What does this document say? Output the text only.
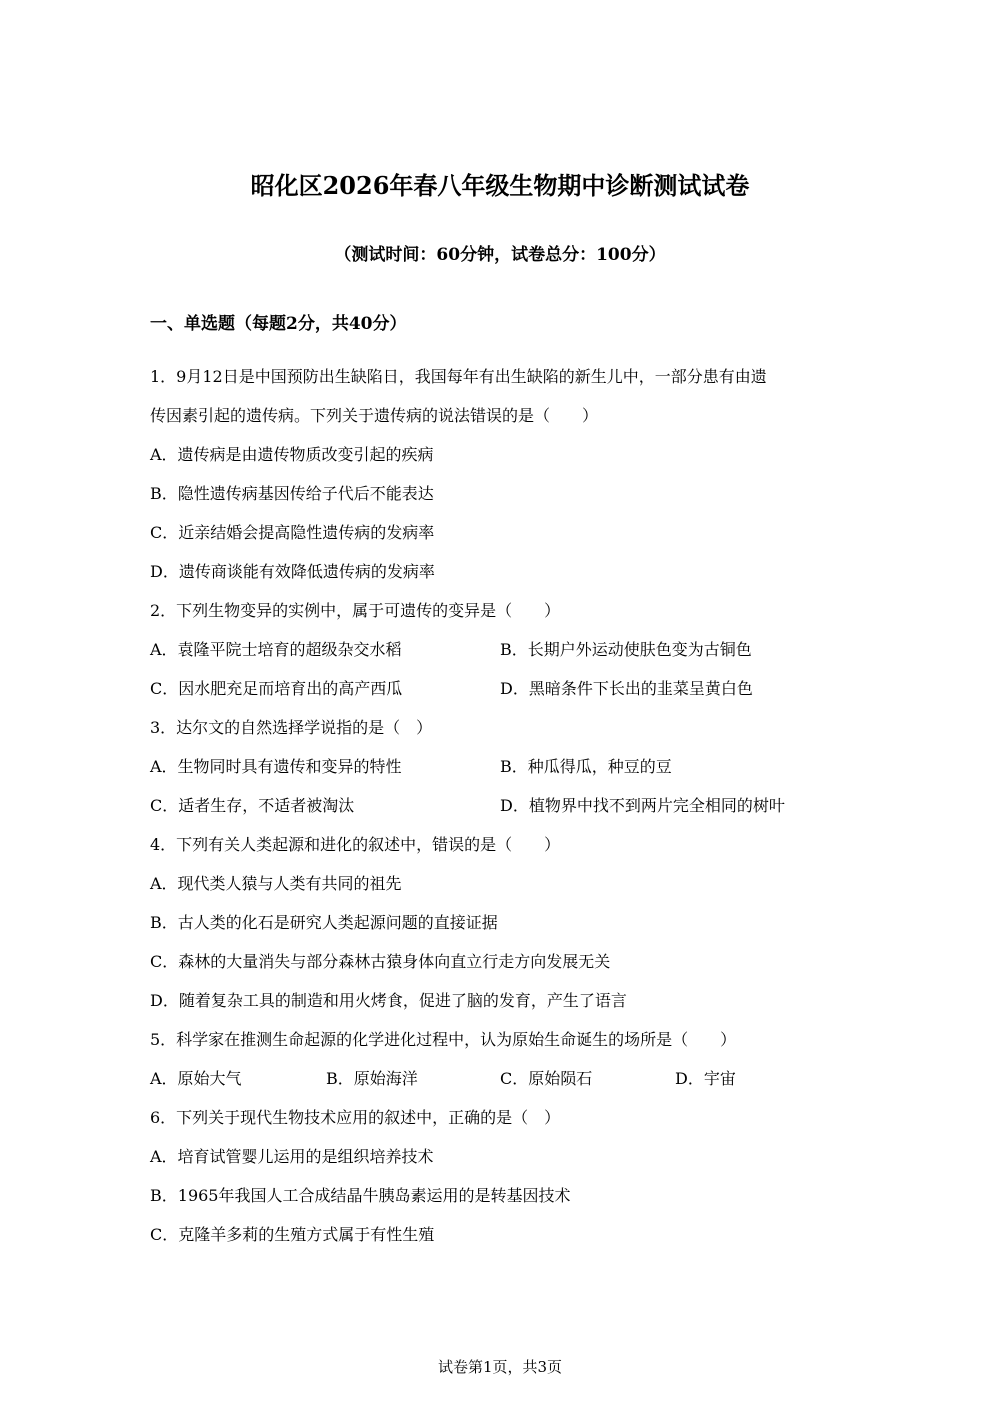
昭化区2026年春八年级生物期中诊断测试试卷
（测试时间：60分钟，试卷总分：100分）
一、单选题（每题2分，共40分）
1．9月12日是中国预防出生缺陷日，我国每年有出生缺陷的新生儿中，一部分患有由遗
传因素引起的遗传病。下列关于遗传病的说法错误的是（　　）
A．遗传病是由遗传物质改变引起的疾病
B．隐性遗传病基因传给子代后不能表达
C．近亲结婚会提高隐性遗传病的发病率
D．遗传商谈能有效降低遗传病的发病率
2．下列生物变异的实例中，属于可遗传的变异是（　　）
A．袁隆平院士培育的超级杂交水稻	B．长期户外运动使肤色变为古铜色
C．因水肥充足而培育出的高产西瓜	D．黑暗条件下长出的韭菜呈黄白色
3．达尔文的自然选择学说指的是（　）
A．生物同时具有遗传和变异的特性	B．种瓜得瓜，种豆的豆
C．适者生存，不适者被淘汰	D．植物界中找不到两片完全相同的树叶
4．下列有关人类起源和进化的叙述中，错误的是（　　）
A．现代类人猿与人类有共同的祖先
B．古人类的化石是研究人类起源问题的直接证据
C．森林的大量消失与部分森林古猿身体向直立行走方向发展无关
D．随着复杂工具的制造和用火烤食，促进了脑的发育，产生了语言
5．科学家在推测生命起源的化学进化过程中，认为原始生命诞生的场所是（　　）
A．原始大气	B．原始海洋	C．原始陨石	D．宇宙
6．下列关于现代生物技术应用的叙述中，正确的是（　）
A．培育试管婴儿运用的是组织培养技术
B．1965年我国人工合成结晶牛胰岛素运用的是转基因技术
C．克隆羊多莉的生殖方式属于有性生殖
试卷第1页，共3页
